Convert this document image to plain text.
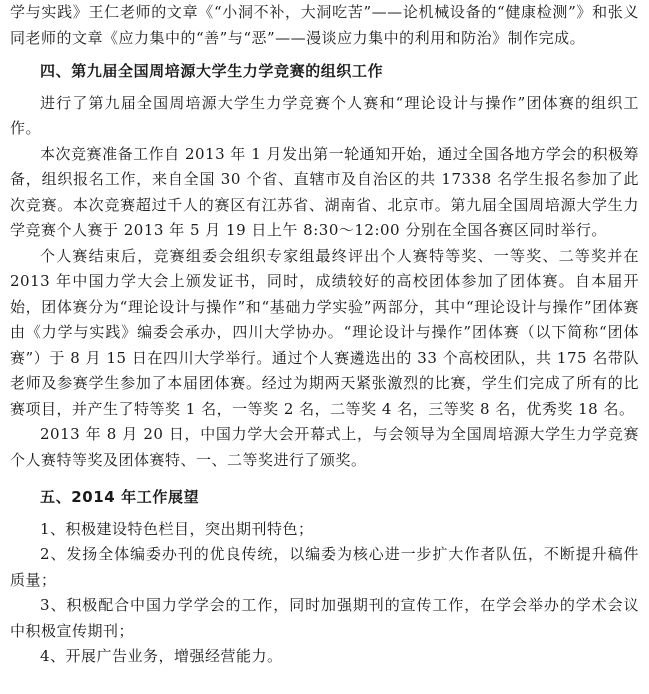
学与实践》王仁老师的文章《“小洞不补，大洞吃苦”——论机械设备的“健康检测”》和张义同老师的文章《应力集中的“善”与“恶”——漫谈应力集中的利用和防治》制作完成。

四、第九届全国周培源大学生力学竞赛的组织工作

进行了第九届全国周培源大学生力学竞赛个人赛和“理论设计与操作”团体赛的组织工作。

本次竞赛准备工作自 2013 年 1 月发出第一轮通知开始，通过全国各地方学会的积极筹备，组织报名工作，来自全国 30 个省、直辖市及自治区的共 17338 名学生报名参加了此次竞赛。本次竞赛超过千人的赛区有江苏省、湖南省、北京市。第九届全国周培源大学生力学竞赛个人赛于 2013 年 5 月 19 日上午 8:30～12:00 分别在全国各赛区同时举行。

个人赛结束后，竞赛组委会组织专家组最终评出个人赛特等奖、一等奖、二等奖并在 2013 年中国力学大会上颁发证书，同时，成绩较好的高校团体参加了团体赛。自本届开始，团体赛分为“理论设计与操作”和“基础力学实验”两部分，其中“理论设计与操作”团体赛由《力学与实践》编委会承办，四川大学协办。“理论设计与操作”团体赛（以下简称“团体赛”）于 8 月 15 日在四川大学举行。通过个人赛遴选出的 33 个高校团队，共 175 名带队老师及参赛学生参加了本届团体赛。经过为期两天紧张激烈的比赛，学生们完成了所有的比赛项目，并产生了特等奖 1 名，一等奖 2 名，二等奖 4 名，三等奖 8 名，优秀奖 18 名。

2013 年 8 月 20 日，中国力学大会开幕式上，与会领导为全国周培源大学生力学竞赛个人赛特等奖及团体赛特、一、二等奖进行了颁奖。

五、2014 年工作展望

1、积极建设特色栏目，突出期刊特色；

2、发扬全体编委办刊的优良传统，以编委为核心进一步扩大作者队伍，不断提升稿件质量；

3、积极配合中国力学学会的工作，同时加强期刊的宣传工作，在学会举办的学术会议中积极宣传期刊；

4、开展广告业务，增强经营能力。
